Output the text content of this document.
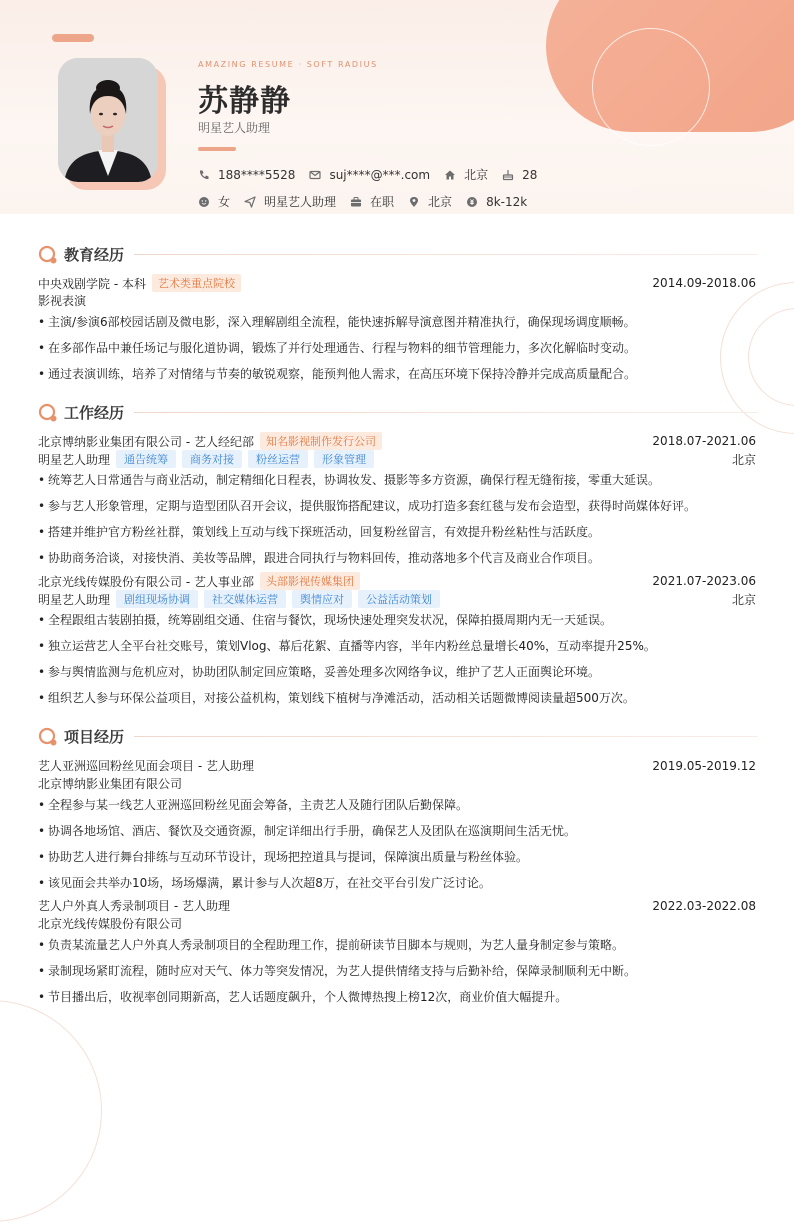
AMAZING RESUME · SOFT RADIUS
苏静静
明星艺人助理
188****5528	suj****@***.com	北京	28
女	明星艺人助理	在职	北京	8k-12k
教育经历
中央戏剧学院 - 本科	艺术类重点院校	2014.09-2018.06
影视表演
• 主演/参演6部校园话剧及微电影，深入理解剧组全流程，能快速拆解导演意图并精准执行，确保现场调度顺畅。
• 在多部作品中兼任场记与服化道协调，锻炼了并行处理通告、行程与物料的细节管理能力，多次化解临时变动。
• 通过表演训练，培养了对情绪与节奏的敏锐观察，能预判他人需求，在高压环境下保持冷静并完成高质量配合。
工作经历
北京博纳影业集团有限公司 - 艺人经纪部	知名影视制作发行公司	2018.07-2021.06
明星艺人助理	通告统筹	商务对接	粉丝运营	形象管理	北京
• 统筹艺人日常通告与商业活动，制定精细化日程表，协调妆发、摄影等多方资源，确保行程无缝衔接，零重大延误。
• 参与艺人形象管理，定期与造型团队召开会议，提供服饰搭配建议，成功打造多套红毯与发布会造型，获得时尚媒体好评。
• 搭建并维护官方粉丝社群，策划线上互动与线下探班活动，回复粉丝留言，有效提升粉丝粘性与活跃度。
• 协助商务洽谈，对接快消、美妆等品牌，跟进合同执行与物料回传，推动落地多个代言及商业合作项目。
北京光线传媒股份有限公司 - 艺人事业部	头部影视传媒集团	2021.07-2023.06
明星艺人助理	剧组现场协调	社交媒体运营	舆情应对	公益活动策划	北京
• 全程跟组古装剧拍摄，统筹剧组交通、住宿与餐饮，现场快速处理突发状况，保障拍摄周期内无一天延误。
• 独立运营艺人全平台社交账号，策划Vlog、幕后花絮、直播等内容，半年内粉丝总量增长40%，互动率提升25%。
• 参与舆情监测与危机应对，协助团队制定回应策略，妥善处理多次网络争议，维护了艺人正面舆论环境。
• 组织艺人参与环保公益项目，对接公益机构，策划线下植树与净滩活动，活动相关话题微博阅读量超500万次。
项目经历
艺人亚洲巡回粉丝见面会项目 - 艺人助理	2019.05-2019.12
北京博纳影业集团有限公司
• 全程参与某一线艺人亚洲巡回粉丝见面会筹备，主责艺人及随行团队后勤保障。
• 协调各地场馆、酒店、餐饮及交通资源，制定详细出行手册，确保艺人及团队在巡演期间生活无忧。
• 协助艺人进行舞台排练与互动环节设计，现场把控道具与提词，保障演出质量与粉丝体验。
• 该见面会共举办10场，场场爆满，累计参与人次超8万，在社交平台引发广泛讨论。
艺人户外真人秀录制项目 - 艺人助理	2022.03-2022.08
北京光线传媒股份有限公司
• 负责某流量艺人户外真人秀录制项目的全程助理工作，提前研读节目脚本与规则，为艺人量身制定参与策略。
• 录制现场紧盯流程，随时应对天气、体力等突发情况，为艺人提供情绪支持与后勤补给，保障录制顺利无中断。
• 节目播出后，收视率创同期新高，艺人话题度飙升，个人微博热搜上榜12次，商业价值大幅提升。
